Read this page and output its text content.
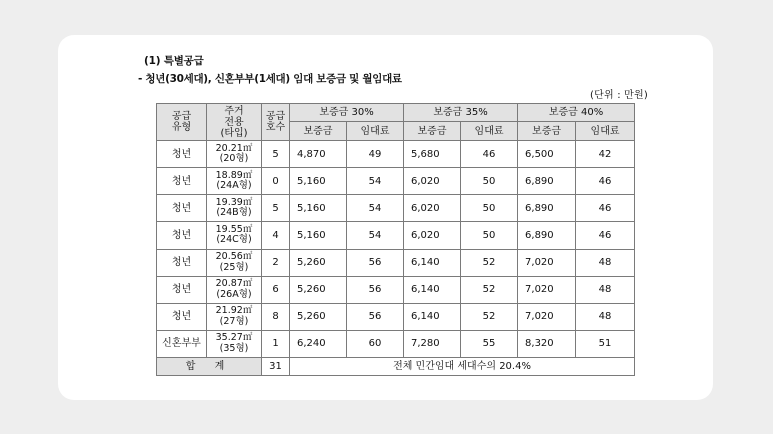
(1) 특별공급
- 청년(30세대), 신혼부부(1세대) 임대 보증금 및 월임대료
(단위 : 만원)
공급유형	주거
전용
(타입)	공급호수	보증금 30%		보증금 35%		보증금 40%	
			보증금	임대료	보증금	임대료	보증금	임대료
청년	20.21㎡
(20형)	5	4,870	49	5,680	46	6,500	42
청년	18.89㎡
(24A형)	0	5,160	54	6,020	50	6,890	46
청년	19.39㎡
(24B형)	5	5,160	54	6,020	50	6,890	46
청년	19.55㎡
(24C형)	4	5,160	54	6,020	50	6,890	46
청년	20.56㎡
(25형)	2	5,260	56	6,140	52	7,020	48
청년	20.87㎡
(26A형)	6	5,260	56	6,140	52	7,020	48
청년	21.92㎡
(27형)	8	5,260	56	6,140	52	7,020	48
신혼부부	35.27㎡
(35형)	1	6,240	60	7,280	55	8,320	51
합 계		31	전체 민간임대 세대수의 20.4%					
